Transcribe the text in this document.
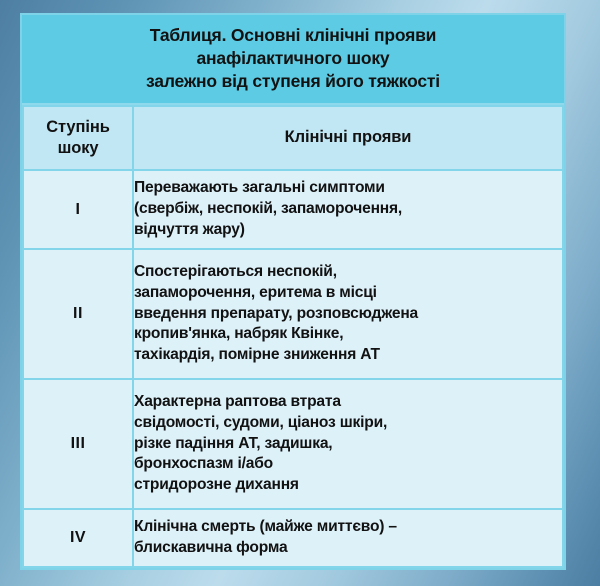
Таблиця. Основні клінічні прояви
анафілактичного шоку
залежно від ступеня його тяжкості
Ступінь
шоку	Клінічні прояви
I	Переважають загальні симптоми
(свербіж, неспокій, запаморочення,
відчуття жару)

II	Спостерігаються неспокій,
запаморочення, еритема в місці
введення препарату, розповсюджена
кропив'янка, набряк Квінке,
тахікардія, помірне зниження АТ

III	Характерна раптова втрата
свідомості, судоми, ціаноз шкіри,
різке падіння АТ, задишка,
бронхоспазм і/або
стридорозне дихання

IV	Клінічна смерть (майже миттєво) –
блискавична форма
